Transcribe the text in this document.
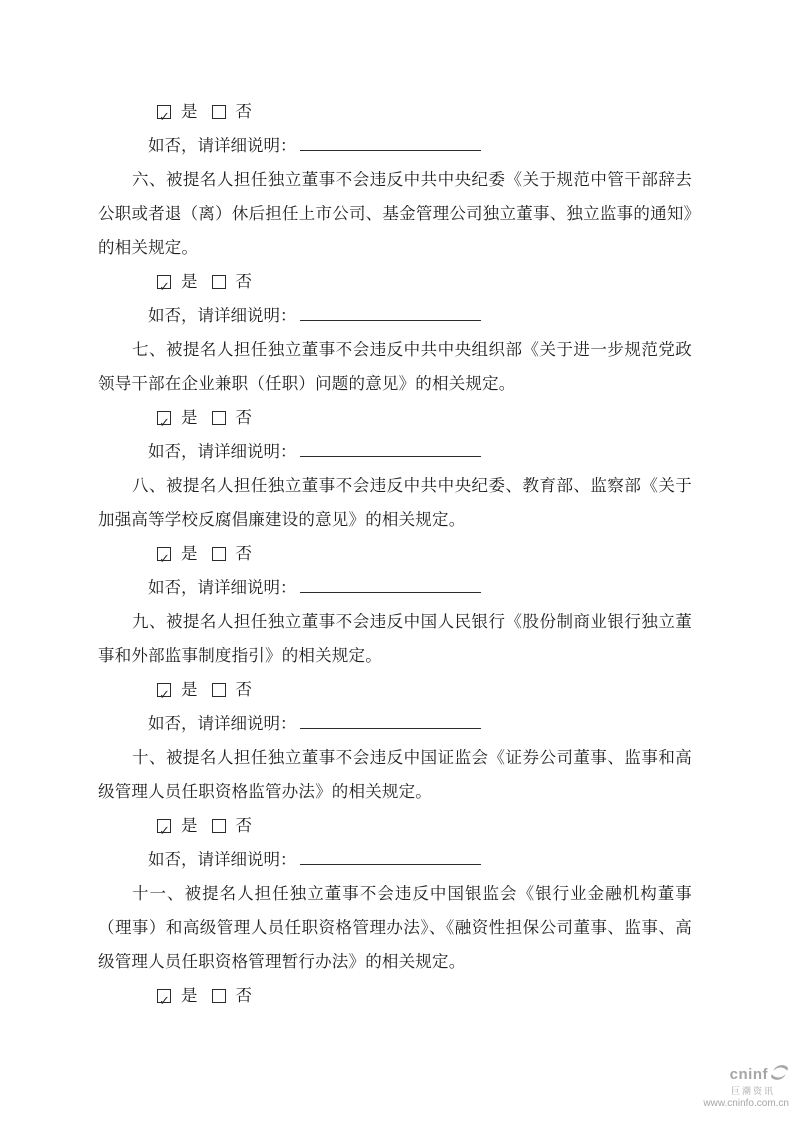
✓
是 否
如否，请详细说明：

六、被提名人担任独立董事不会违反中共中央纪委《关于规范中管干部辞去公职或者退（离）休后担任上市公司、基金管理公司独立董事、独立监事的通知》的相关规定。

✓
是 否
如否，请详细说明：

七、被提名人担任独立董事不会违反中共中央组织部《关于进一步规范党政领导干部在企业兼职（任职）问题的意见》的相关规定。

✓
是 否
如否，请详细说明：

八、被提名人担任独立董事不会违反中共中央纪委、教育部、监察部《关于加强高等学校反腐倡廉建设的意见》的相关规定。

✓
是 否
如否，请详细说明：

九、被提名人担任独立董事不会违反中国人民银行《股份制商业银行独立董事和外部监事制度指引》的相关规定。

✓
是 否
如否，请详细说明：

十、被提名人担任独立董事不会违反中国证监会《证券公司董事、监事和高级管理人员任职资格监管办法》的相关规定。

✓
是 否
如否，请详细说明：

十一、被提名人担任独立董事不会违反中国银监会《银行业金融机构董事（理事）和高级管理人员任职资格管理办法》、《融资性担保公司董事、监事、高级管理人员任职资格管理暂行办法》的相关规定。

✓
是 否
cninf
巨潮资讯
www.cninfo.com.cn
